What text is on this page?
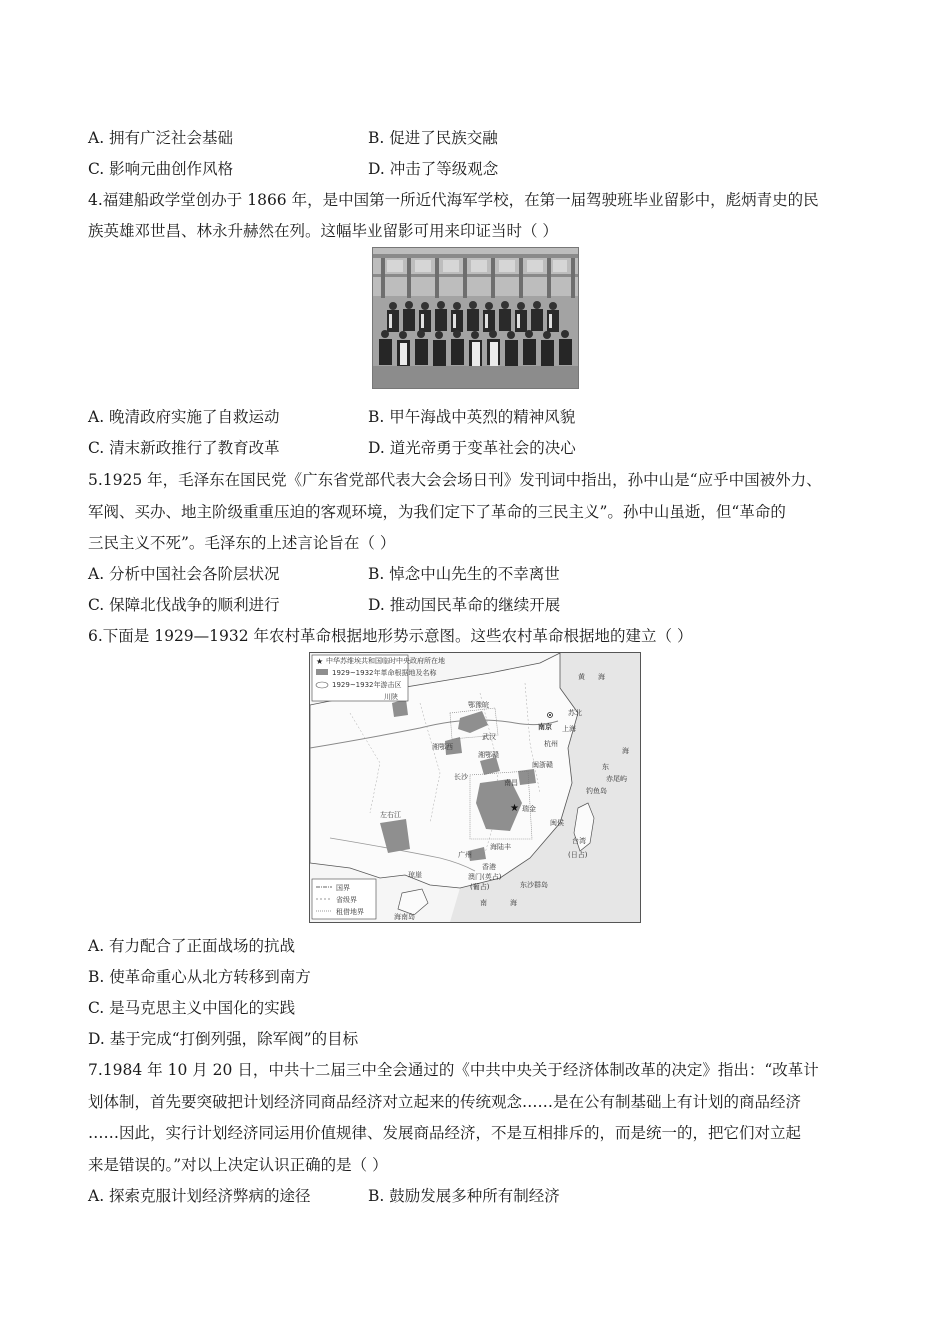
A. 拥有广泛社会基础	B. 促进了民族交融
C. 影响元曲创作风格	D. 冲击了等级观念
4.福建船政学堂创办于 1866 年，是中国第一所近代海军学校，在第一届驾驶班毕业留影中，彪炳青史的民
族英雄邓世昌、林永升赫然在列。这幅毕业留影可用来印证当时（ ）
A. 晚清政府实施了自救运动	B. 甲午海战中英烈的精神风貌
C. 清末新政推行了教育改革	D. 道光帝勇于变革社会的决心
5.1925 年，毛泽东在国民党《广东省党部代表大会会场日刊》发刊词中指出，孙中山是“应乎中国被外力、
军阀、买办、地主阶级重重压迫的客观环境，为我们定下了革命的三民主义”。孙中山虽逝，但“革命的
三民主义不死”。毛泽东的上述言论旨在（ ）
A. 分析中国社会各阶层状况	B. 悼念中山先生的不幸离世
C. 保障北伐战争的顺利进行	D. 推动国民革命的继续开展
6.下面是 1929—1932 年农村革命根据地形势示意图。这些农村革命根据地的建立（ ）
★ 中华苏维埃共和国临时中央政府所在地
1929~1932年革命根据地及名称
1929~1932年游击区
国界
省级界
租借地界
黄 海
东
海
南	海
南京
苏北
上海
杭州
长沙
南昌
★ 瑞金
广州
闽侯
台湾
(日占)
香港
澳门(英占)
(葡占)
海南岛
东沙群岛
钓鱼岛
赤尾屿
鄂豫皖
湘鄂西
湘鄂赣
闽浙赣
左右江
海陆丰
川陕
武汉
琼崖
A. 有力配合了正面战场的抗战
B. 使革命重心从北方转移到南方
C. 是马克思主义中国化的实践
D. 基于完成“打倒列强，除军阀”的目标
7.1984 年 10 月 20 日，中共十二届三中全会通过的《中共中央关于经济体制改革的决定》指出：“改革计
划体制，首先要突破把计划经济同商品经济对立起来的传统观念……是在公有制基础上有计划的商品经济
……因此，实行计划经济同运用价值规律、发展商品经济，不是互相排斥的，而是统一的，把它们对立起
来是错误的。”对以上决定认识正确的是（ ）
A. 探索克服计划经济弊病的途径	B. 鼓励发展多种所有制经济
